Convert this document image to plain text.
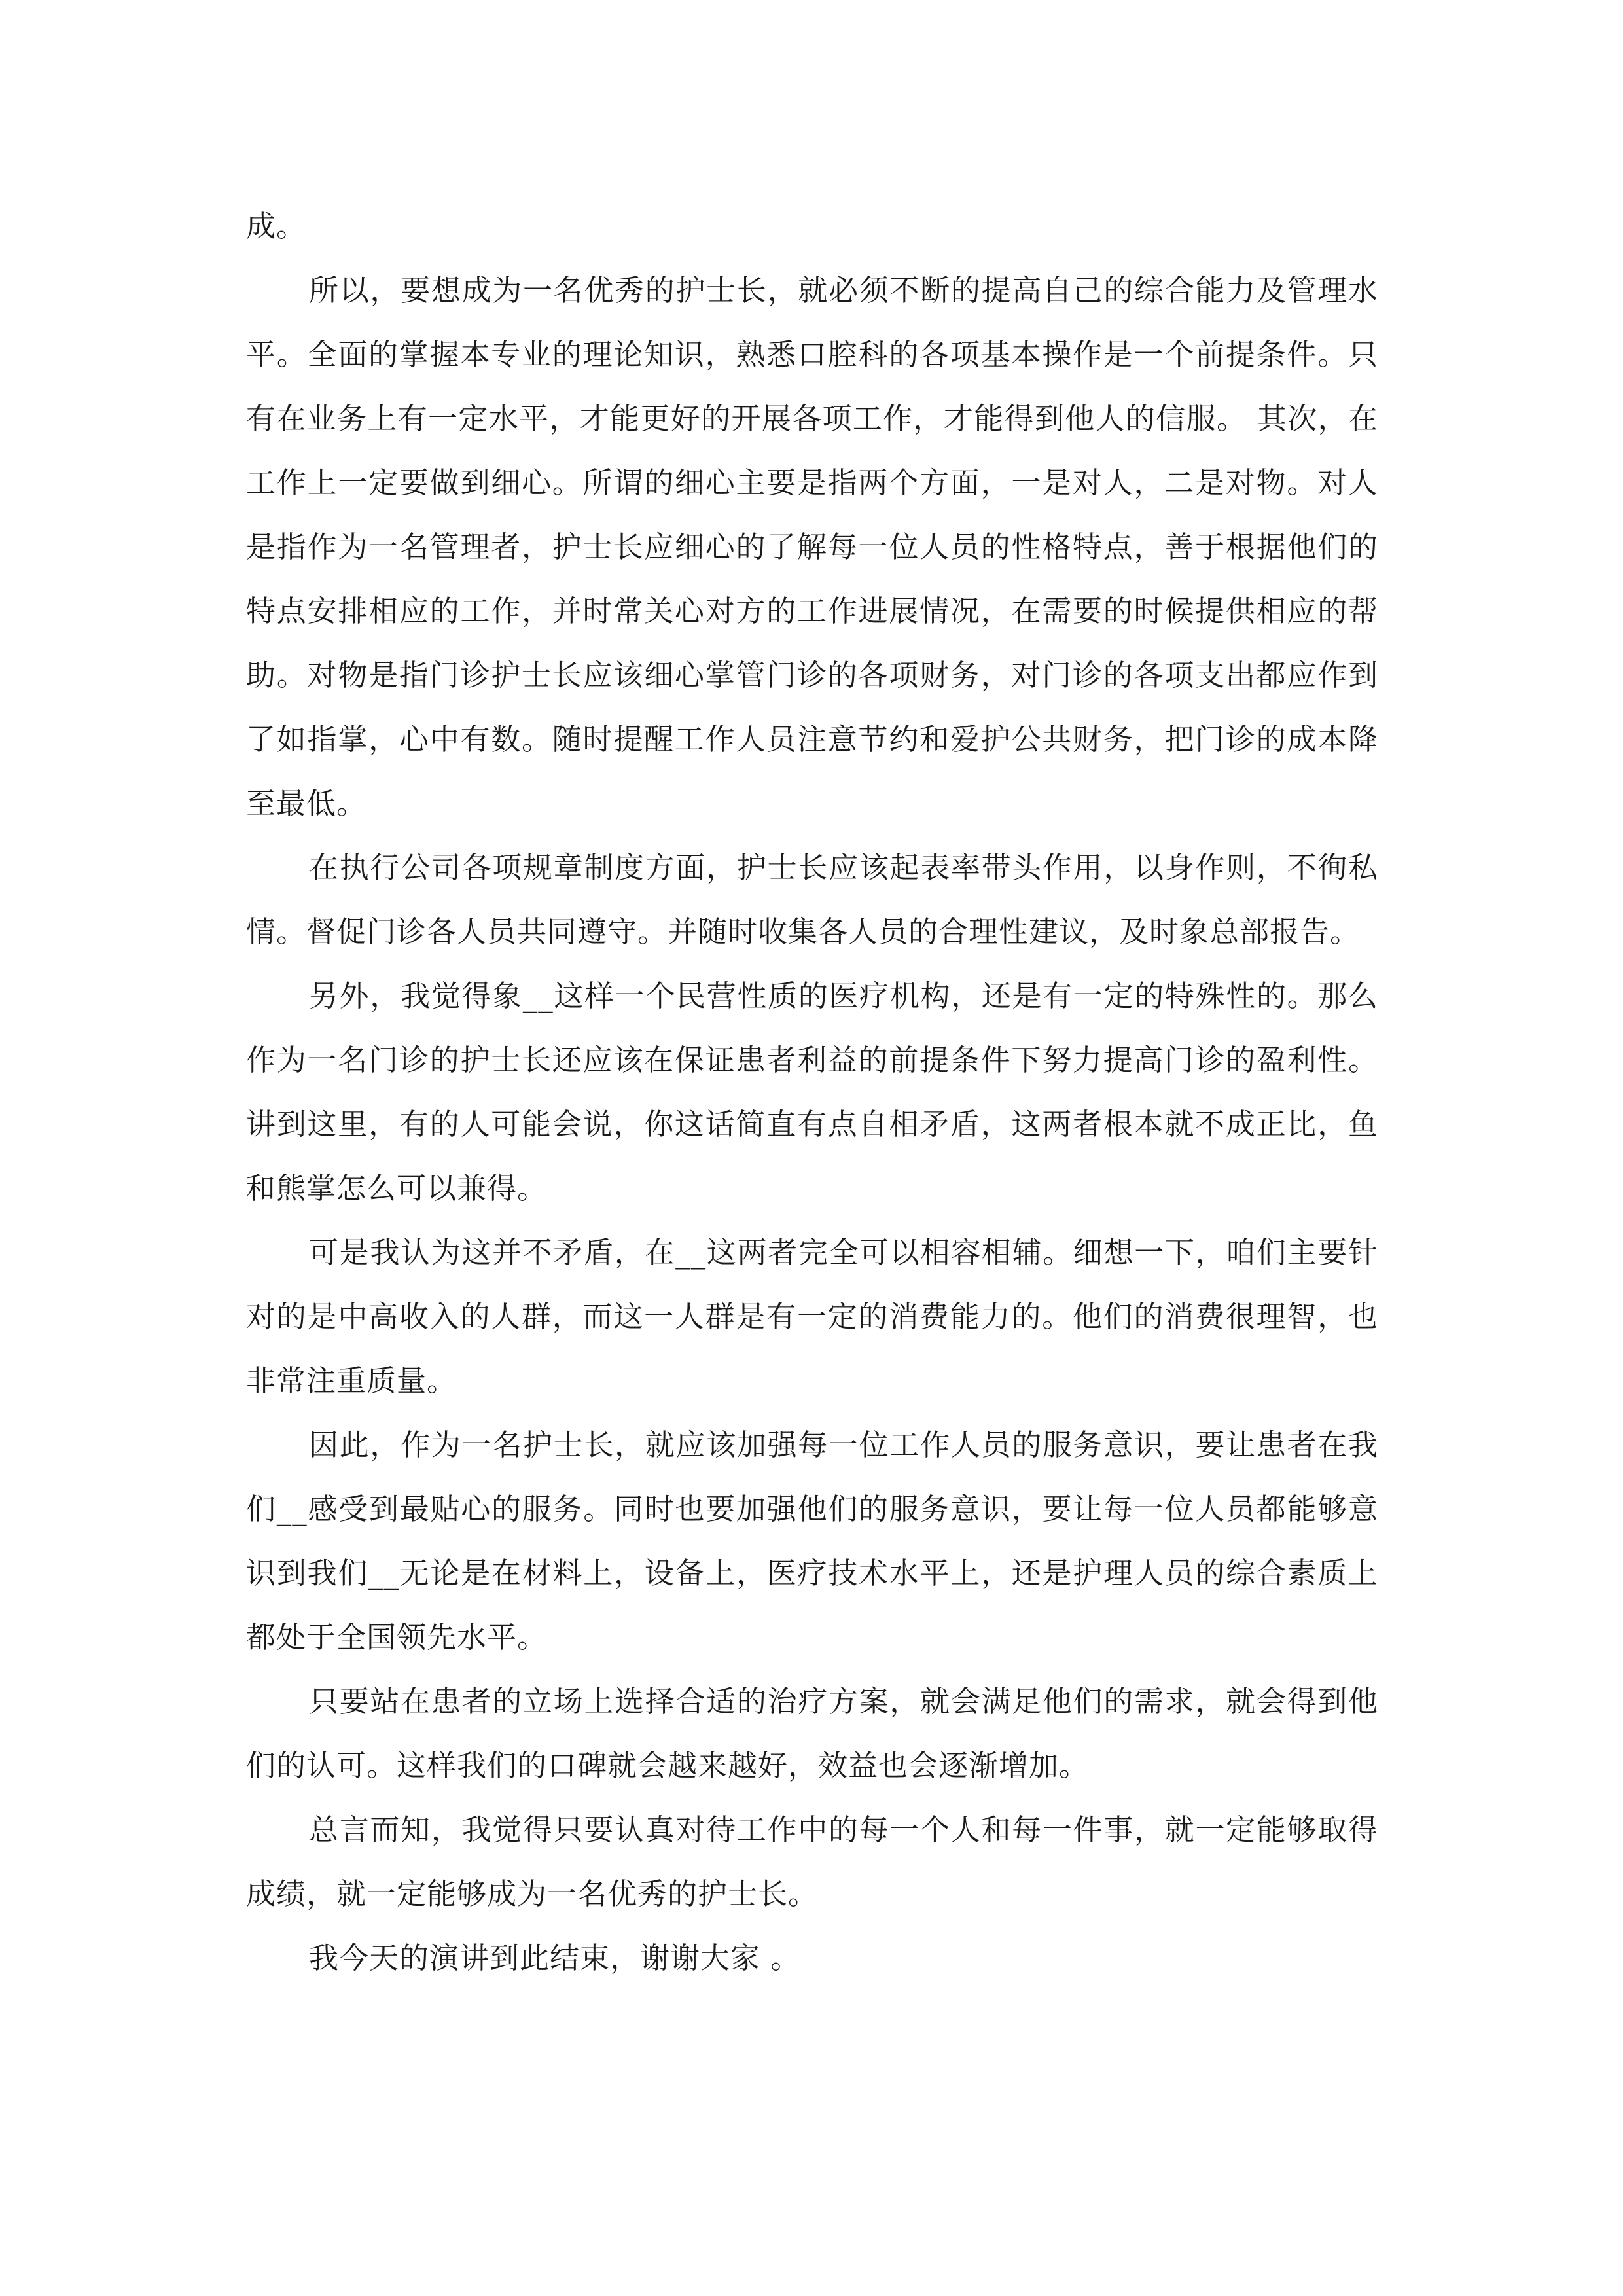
成。

所以，要想成为一名优秀的护士长，就必须不断的提高自己的综合能力及管理水平。全面的掌握本专业的理论知识，熟悉口腔科的各项基本操作是一个前提条件。只有在业务上有一定水平，才能更好的开展各项工作，才能得到他人的信服。 其次，在工作上一定要做到细心。所谓的细心主要是指两个方面，一是对人，二是对物。对人是指作为一名管理者，护士长应细心的了解每一位人员的性格特点，善于根据他们的特点安排相应的工作，并时常关心对方的工作进展情况，在需要的时候提供相应的帮助。对物是指门诊护士长应该细心掌管门诊的各项财务，对门诊的各项支出都应作到了如指掌，心中有数。随时提醒工作人员注意节约和爱护公共财务，把门诊的成本降至最低。

在执行公司各项规章制度方面，护士长应该起表率带头作用，以身作则，不徇私情。督促门诊各人员共同遵守。并随时收集各人员的合理性建议，及时象总部报告。

另外，我觉得象__这样一个民营性质的医疗机构，还是有一定的特殊性的。那么作为一名门诊的护士长还应该在保证患者利益的前提条件下努力提高门诊的盈利性。讲到这里，有的人可能会说，你这话简直有点自相矛盾，这两者根本就不成正比，鱼和熊掌怎么可以兼得。

可是我认为这并不矛盾，在__这两者完全可以相容相辅。细想一下，咱们主要针对的是中高收入的人群，而这一人群是有一定的消费能力的。他们的消费很理智，也非常注重质量。

因此，作为一名护士长，就应该加强每一位工作人员的服务意识，要让患者在我们__感受到最贴心的服务。同时也要加强他们的服务意识，要让每一位人员都能够意识到我们__无论是在材料上，设备上，医疗技术水平上，还是护理人员的综合素质上都处于全国领先水平。

只要站在患者的立场上选择合适的治疗方案，就会满足他们的需求，就会得到他们的认可。这样我们的口碑就会越来越好，效益也会逐渐增加。

总言而知，我觉得只要认真对待工作中的每一个人和每一件事，就一定能够取得成绩，就一定能够成为一名优秀的护士长。

我今天的演讲到此结束，谢谢大家 。
